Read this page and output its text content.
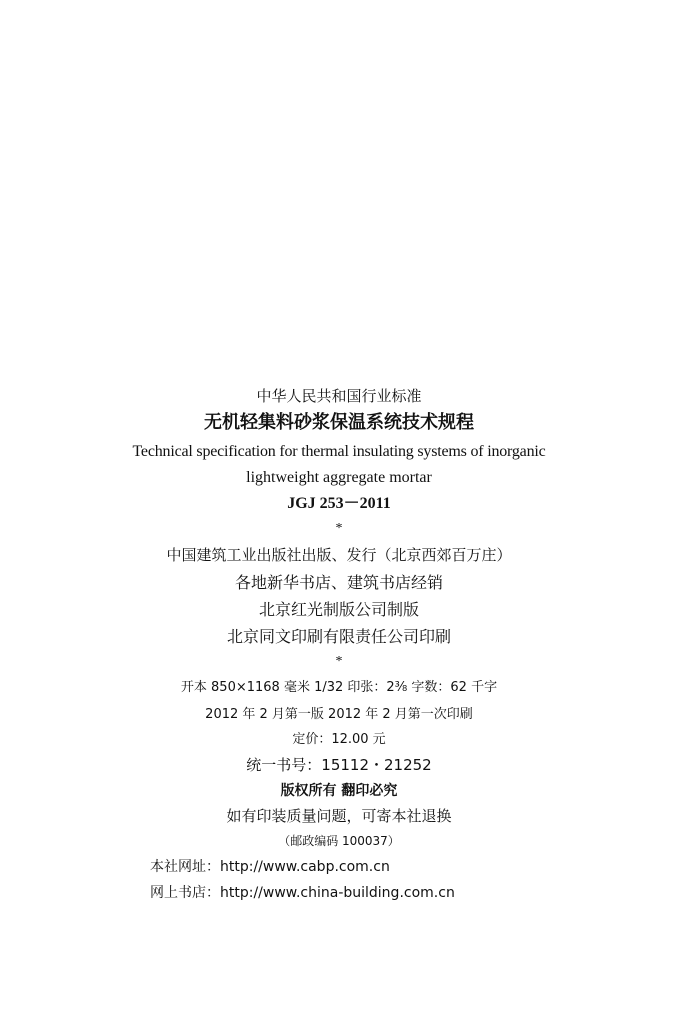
中华人民共和国行业标准
无机轻集料砂浆保温系统技术规程
Technical specification for thermal insulating systems of inorganic
lightweight aggregate mortar
JGJ 253－2011
*
中国建筑工业出版社出版、发行（北京西郊百万庄）
各地新华书店、建筑书店经销
北京红光制版公司制版
北京同文印刷有限责任公司印刷
*
开本 850×1168 毫米 1/32 印张：2⅜ 字数：62 千字
2012 年 2 月第一版 2012 年 2 月第一次印刷
定价：12.00 元
统一书号：15112・21252
版权所有 翻印必究
如有印装质量问题，可寄本社退换
（邮政编码 100037）
本社网址：http://www.cabp.com.cn
网上书店：http://www.china-building.com.cn
